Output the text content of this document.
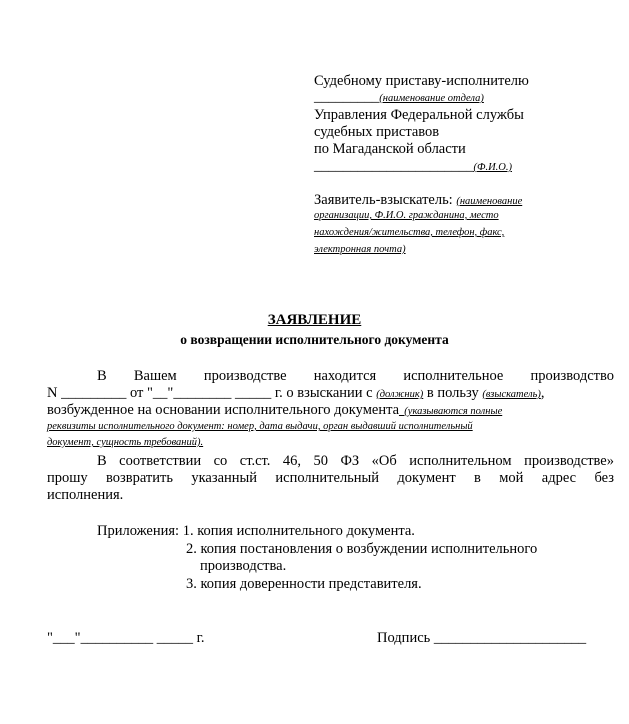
Судебному приставу-исполнителю
_________(наименование отдела)
Управления Федеральной службы
судебных приставов
по Магаданской области
______________________(Ф.И.О.)
Заявитель-взыскатель: (наименование
организации, Ф.И.О. гражданина, место
нахождения/жительства, телефон, факс,
электронная почта)
ЗАЯВЛЕНИЕ
о возвращении исполнительного документа
В Вашем производстве находится исполнительное производство
N _________ от "__"________ _____ г. о взыскании с (должник) в пользу (взыскатель),
возбужденное на основании исполнительного документа_(указываются полные
реквизиты исполнительного документ: номер, дата выдачи, орган выдавший исполнительный
документ, сущность требований).
В соответствии со ст.ст. 46, 50 ФЗ «Об исполнительном производстве»
прошу возвратить указанный исполнительный документ в мой адрес без
исполнения.
Приложения: 1. копия исполнительного документа.
2. копия постановления о возбуждении исполнительного
производства.
3. копия доверенности представителя.
"___"__________ _____ г.	Подпись _____________________
